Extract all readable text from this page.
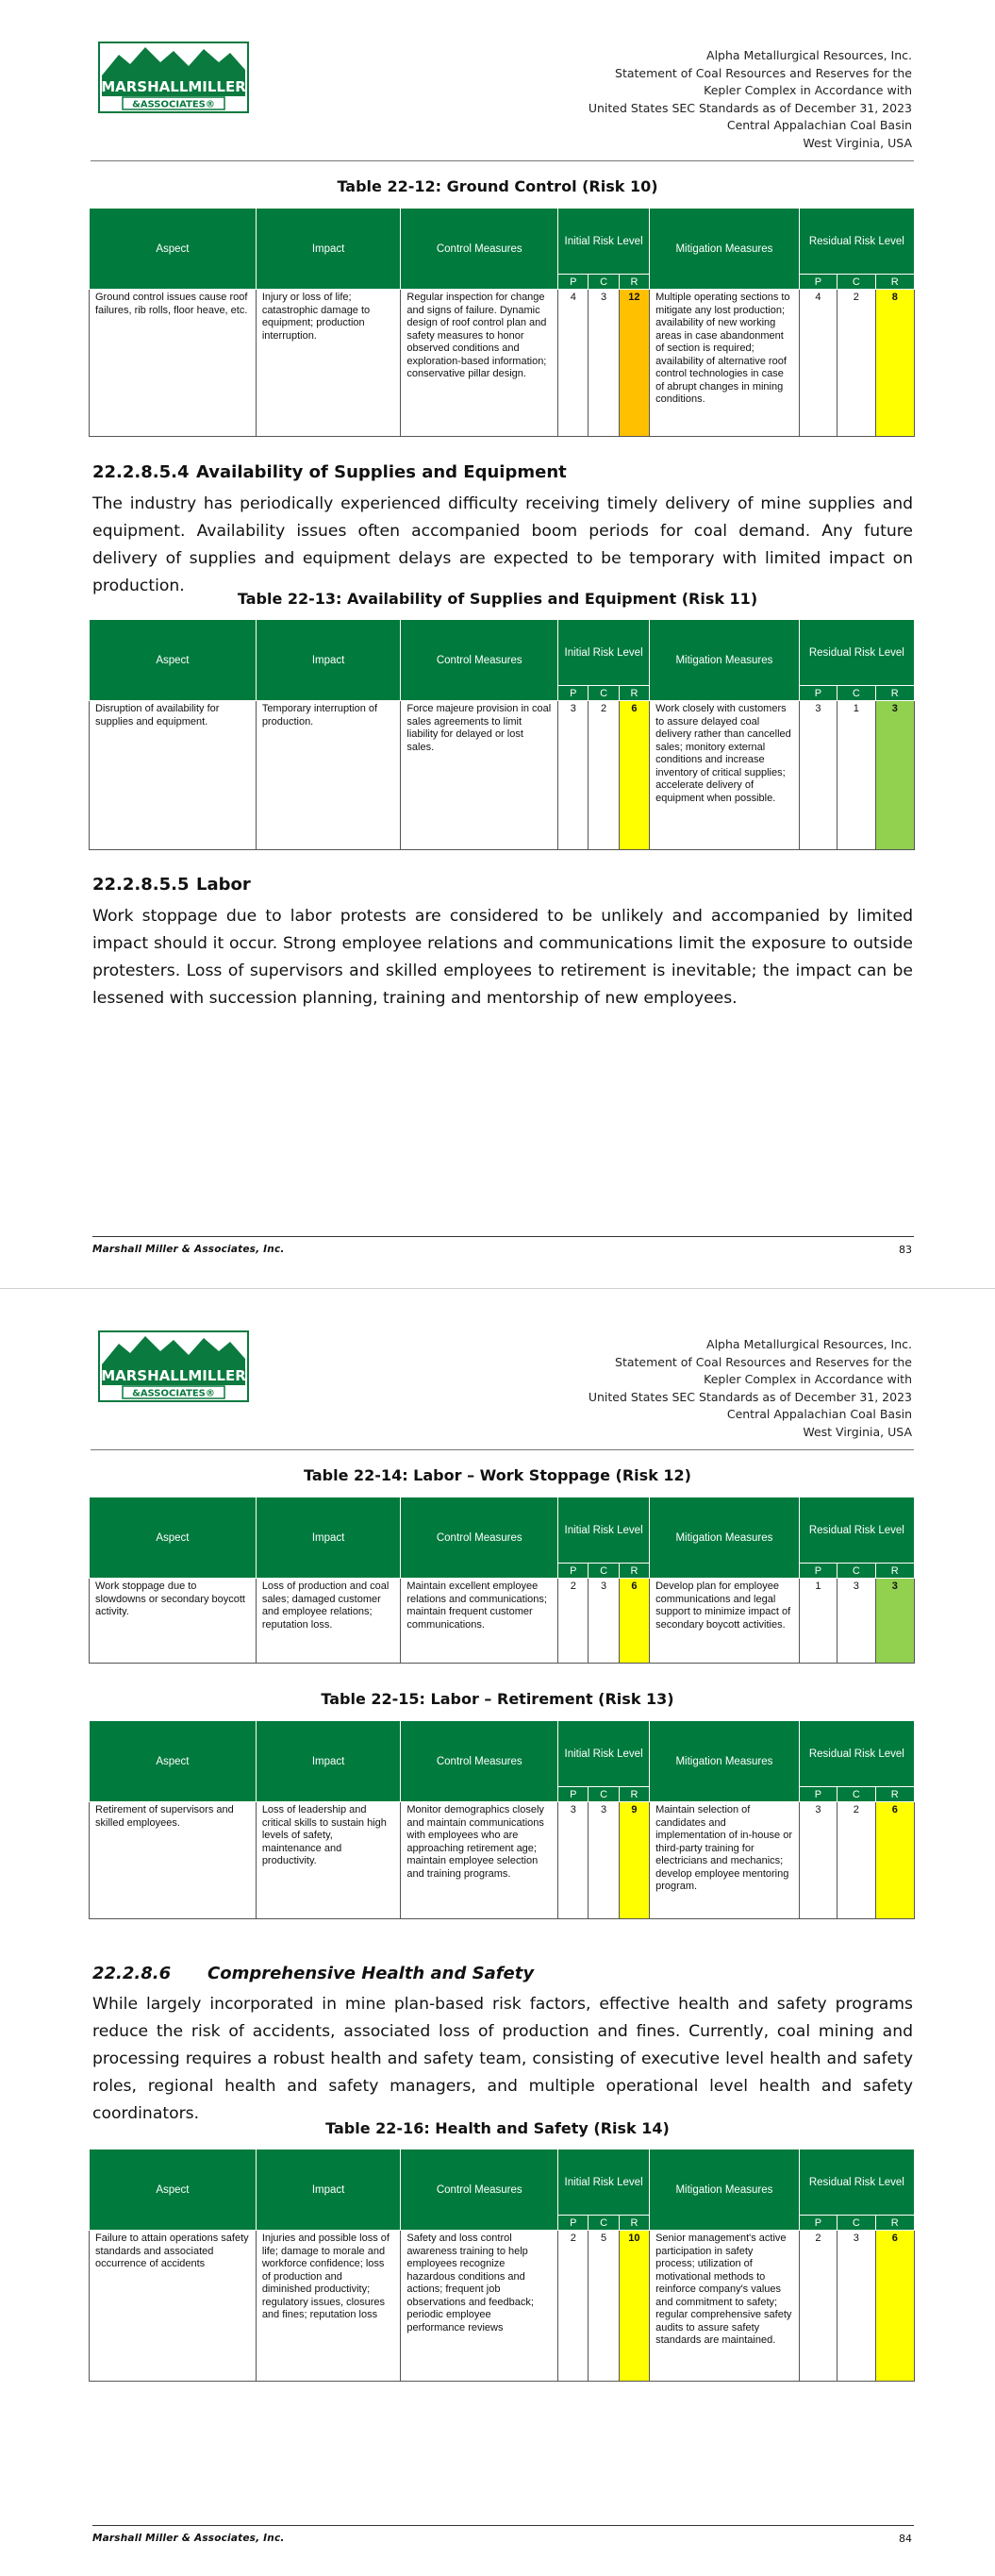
MARSHALLMILLER
&ASSOCIATES®
Alpha Metallurgical Resources, Inc.
Statement of Coal Resources and Reserves for the
Kepler Complex in Accordance with
United States SEC Standards as of December 31, 2023
Central Appalachian Coal Basin
West Virginia, USA
Table 22-12: Ground Control (Risk 10)
Aspect	Impact	Control Measures	Initial Risk Level			Mitigation Measures	Residual Risk Level		
			P	C	R		P	C	R
Ground control issues cause roof failures, rib rolls, floor heave, etc.	Injury or loss of life; catastrophic damage to equipment; production interruption.	Regular inspection for change and signs of failure. Dynamic design of roof control plan and safety measures to honor observed conditions and exploration-based information; conservative pillar design.	4	3	12	Multiple operating sections to mitigate any lost production; availability of new working areas in case abandonment of section is required; availability of alternative roof control technologies in case of abrupt changes in mining conditions.	4	2	8
22.2.8.5.4 Availability of Supplies and Equipment
The industry has periodically experienced difficulty receiving timely delivery of mine supplies and equipment. Availability issues often accompanied boom periods for coal demand. Any future delivery of supplies and equipment delays are expected to be temporary with limited impact on production.
Table 22-13: Availability of Supplies and Equipment (Risk 11)
Aspect	Impact	Control Measures	Initial Risk Level			Mitigation Measures	Residual Risk Level		
			P	C	R		P	C	R
Disruption of availability for supplies and equipment.	Temporary interruption of production.	Force majeure provision in coal sales agreements to limit liability for delayed or lost sales.	3	2	6	Work closely with customers to assure delayed coal delivery rather than cancelled sales; monitory external conditions and increase inventory of critical supplies; accelerate delivery of equipment when possible.	3	1	3
22.2.8.5.5 Labor
Work stoppage due to labor protests are considered to be unlikely and accompanied by limited impact should it occur. Strong employee relations and communications limit the exposure to outside protesters. Loss of supervisors and skilled employees to retirement is inevitable; the impact can be lessened with succession planning, training and mentorship of new employees.
Marshall Miller & Associates, Inc.	83
MARSHALLMILLER
&ASSOCIATES®
Alpha Metallurgical Resources, Inc.
Statement of Coal Resources and Reserves for the
Kepler Complex in Accordance with
United States SEC Standards as of December 31, 2023
Central Appalachian Coal Basin
West Virginia, USA
Table 22-14: Labor – Work Stoppage (Risk 12)
Aspect	Impact	Control Measures	Initial Risk Level			Mitigation Measures	Residual Risk Level		
			P	C	R		P	C	R
Work stoppage due to slowdowns or secondary boycott activity.	Loss of production and coal sales; damaged customer and employee relations; reputation loss.	Maintain excellent employee relations and communications; maintain frequent customer communications.	2	3	6	Develop plan for employee communications and legal support to minimize impact of secondary boycott activities.	1	3	3
Table 22-15: Labor – Retirement (Risk 13)
Aspect	Impact	Control Measures	Initial Risk Level			Mitigation Measures	Residual Risk Level		
			P	C	R		P	C	R
Retirement of supervisors and skilled employees.	Loss of leadership and critical skills to sustain high levels of safety, maintenance and productivity.	Monitor demographics closely and maintain communications with employees who are approaching retirement age; maintain employee selection and training programs.	3	3	9	Maintain selection of candidates and implementation of in-house or third-party training for electricians and mechanics; develop employee mentoring program.	3	2	6
22.2.8.6 Comprehensive Health and Safety
While largely incorporated in mine plan-based risk factors, effective health and safety programs reduce the risk of accidents, associated loss of production and fines. Currently, coal mining and processing requires a robust health and safety team, consisting of executive level health and safety roles, regional health and safety managers, and multiple operational level health and safety coordinators.
Table 22-16: Health and Safety (Risk 14)
Aspect	Impact	Control Measures	Initial Risk Level			Mitigation Measures	Residual Risk Level		
			P	C	R		P	C	R
Failure to attain operations safety standards and associated occurrence of accidents	Injuries and possible loss of life; damage to morale and workforce confidence; loss of production and diminished productivity; regulatory issues, closures and fines; reputation loss	Safety and loss control awareness training to help employees recognize hazardous conditions and actions; frequent job observations and feedback; periodic employee performance reviews	2	5	10	Senior management's active participation in safety process; utilization of motivational methods to reinforce company's values and commitment to safety; regular comprehensive safety audits to assure safety standards are maintained.	2	3	6
Marshall Miller & Associates, Inc.	84
